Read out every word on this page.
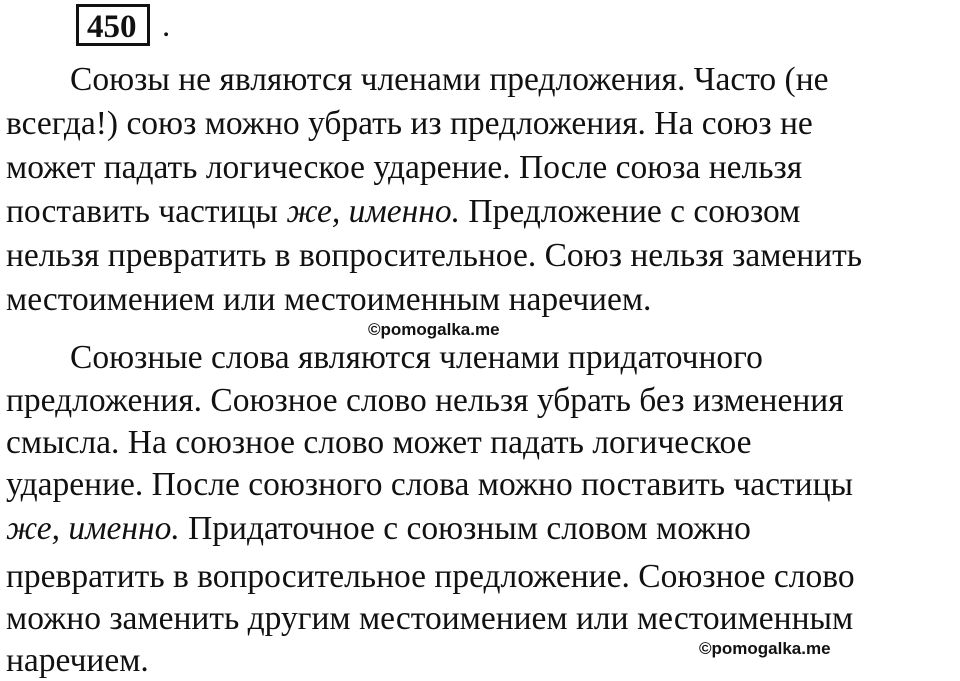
450 .
Союзы не являются членами предложения. Часто (не
всегда!) союз можно убрать из предложения. На союз не
может падать логическое ударение. После союза нельзя
поставить частицы же, именно. Предложение с союзом
нельзя превратить в вопросительное. Союз нельзя заменить
местоимением или местоименным наречием.
©pomogalka.me
Союзные слова являются членами придаточного
предложения. Союзное слово нельзя убрать без изменения
смысла. На союзное слово может падать логическое
ударение. После союзного слова можно поставить частицы
же, именно. Придаточное с союзным словом можно
превратить в вопросительное предложение. Союзное слово
можно заменить другим местоимением или местоименным
наречием.	©pomogalka.me
